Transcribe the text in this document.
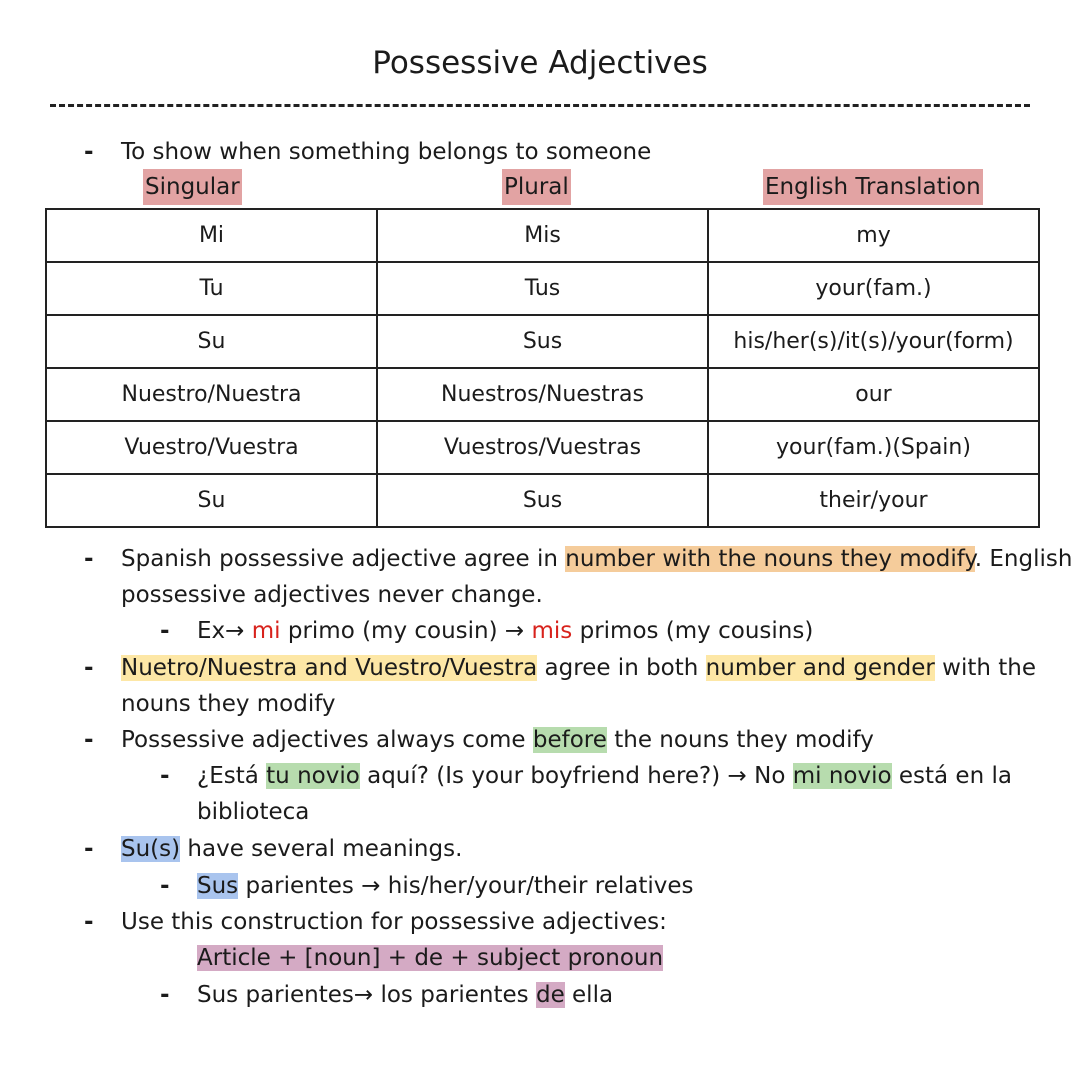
Possessive Adjectives
- To show when something belongs to someone
Singular	Plural	English Translation
Mi	Mis	my
Tu	Tus	your(fam.)
Su	Sus	his/her(s)/it(s)/your(form)
Nuestro/Nuestra	Nuestros/Nuestras	our
Vuestro/Vuestra	Vuestros/Vuestras	your(fam.)(Spain)
Su	Sus	their/your
- Spanish possessive adjective agree in number with the nouns they modify. English
possessive adjectives never change.
- Ex→ mi primo (my cousin) → mis primos (my cousins)
- Nuetro/Nuestra and Vuestro/Vuestra agree in both number and gender with the
nouns they modify
- Possessive adjectives always come before the nouns they modify
- ¿Está tu novio aquí? (Is your boyfriend here?) → No mi novio está en la
biblioteca
- Su(s) have several meanings.
- Sus parientes → his/her/your/their relatives
- Use this construction for possessive adjectives:
Article + [noun] + de + subject pronoun
- Sus parientes→ los parientes de ella
